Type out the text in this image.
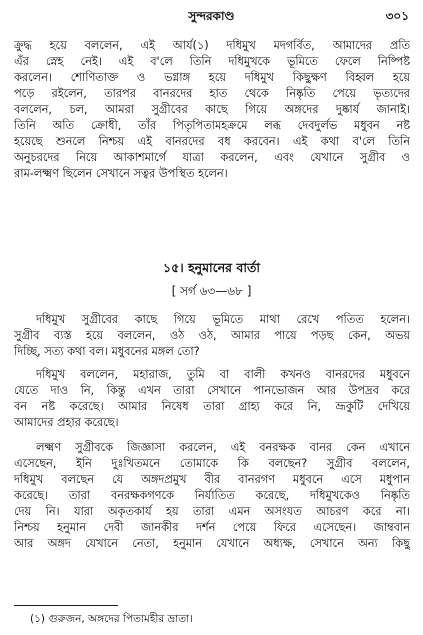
সুন্দরকাণ্ড	৩০১
ক্রুদ্ধ হয়ে বললেন, এই আর্য(১) দধিমুখ মদগর্বিত, আমাদের প্রতি
এঁর স্নেহ নেই। এই ব'লে তিনি দধিমুখকে ভূমিতে ফেলে নিষ্পিষ্ট
করলেন। শোণিতাক্ত ও ভগ্নাঙ্গ হয়ে দধিমুখ কিছুক্ষণ বিহ্বল হয়ে
পড়ে রইলেন, তারপর বানরদের হাত থেকে নিষ্কৃতি পেয়ে ভৃত্যদের
বললেন, চল, আমরা সুগ্রীবের কাছে গিয়ে অঙ্গদের দুষ্কার্য জানাই।
তিনি অতি ক্রোধী, তাঁর পিতৃপিতামহক্রমে লব্ধ দেবদুর্লভ মধুবন নষ্ট
হয়েছে শুনলে নিশ্চয় এই বানরদের বধ করবেন। এই কথা ব'লে তিনি
অনুচরদের নিয়ে আকাশমার্গে যাত্রা করলেন, এবং যেখানে সুগ্রীব ও
রাম-লক্ষ্মণ ছিলেন সেখানে সত্বর উপস্থিত হলেন।
১৫। হনুমানের বার্তা
[ সর্গ ৬৩—৬৮ ]
দধিমুখ সুগ্রীবের কাছে গিয়ে ভূমিতে মাথা রেখে পতিত হলেন।
সুগ্রীব ব্যস্ত হয়ে বললেন, ওঠ ওঠ, আমার পায়ে পড়ছ কেন, অভয়
দিচ্ছি, সত্য কথা বল। মধুবনের মঙ্গল তো?
দধিমুখ বললেন, মহারাজ, তুমি বা বালী কখনও বানরদের মধুবনে
যেতে দাও নি, কিন্তু এখন তারা সেখানে পানভোজন আর উপদ্রব করে
বন নষ্ট করেছে। আমার নিষেধ তারা গ্রাহ্য করে নি, ভ্রূকুটি দেখিয়ে
আমাদের প্রহার করেছে।
লক্ষ্মণ সুগ্রীবকে জিজ্ঞাসা করলেন, এই বনরক্ষক বানর কেন এখানে
এসেছেন, ইনি দুঃখিতমনে তোমাকে কি বলছেন? সুগ্রীব বললেন,
দধিমুখ বলছেন যে অঙ্গদপ্রমুখ বীর বানরগণ মধুবনে এসে মধুপান
করেছে। তারা বনরক্ষকগণকে নির্যাতিত করেছে, দধিমুখকেও নিষ্কৃতি
দেয় নি। যারা অকৃতকার্য হয় তারা এমন অসংযত আচরণ করে না।
নিশ্চয় হনুমান দেবী জানকীর দর্শন পেয়ে ফিরে এসেছেন। জাম্ববান
আর অঙ্গদ যেখানে নেতা, হনুমান যেখানে অধ্যক্ষ, সেখানে অন্য কিছু
(১) গুরুজন, অঙ্গদের পিতামহীর ভ্রাতা।
